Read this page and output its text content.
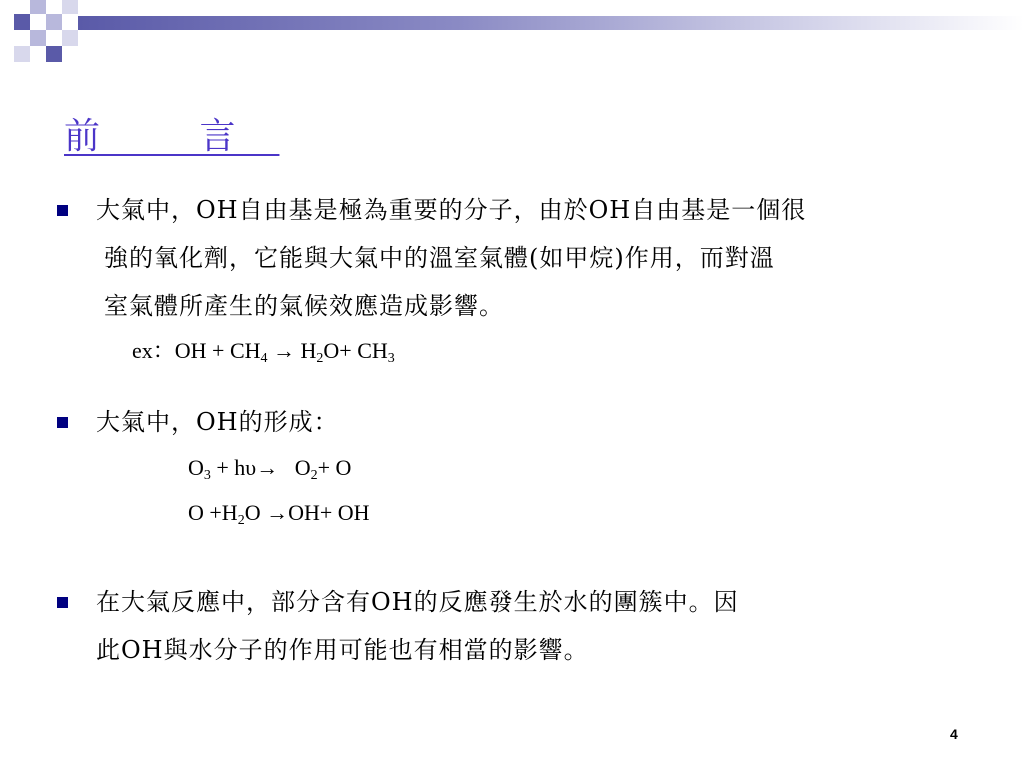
前 言

大氣中，OH自由基是極為重要的分子，由於OH自由基是一個很

強的氧化劑，它能與大氣中的溫室氣體(如甲烷)作用，而對溫

室氣體所產生的氣候效應造成影響。

ex：OH + $CH_4 \to H_2O+ CH_3$

大氣中，OH的形成：

$O_3 + h\upsilon\to O_2+ O$
$O +H_2O \to OH+$ OH

在大氣反應中，部分含有OH的反應發生於水的團簇中。因

此OH與水分子的作用可能也有相當的影響。

4
